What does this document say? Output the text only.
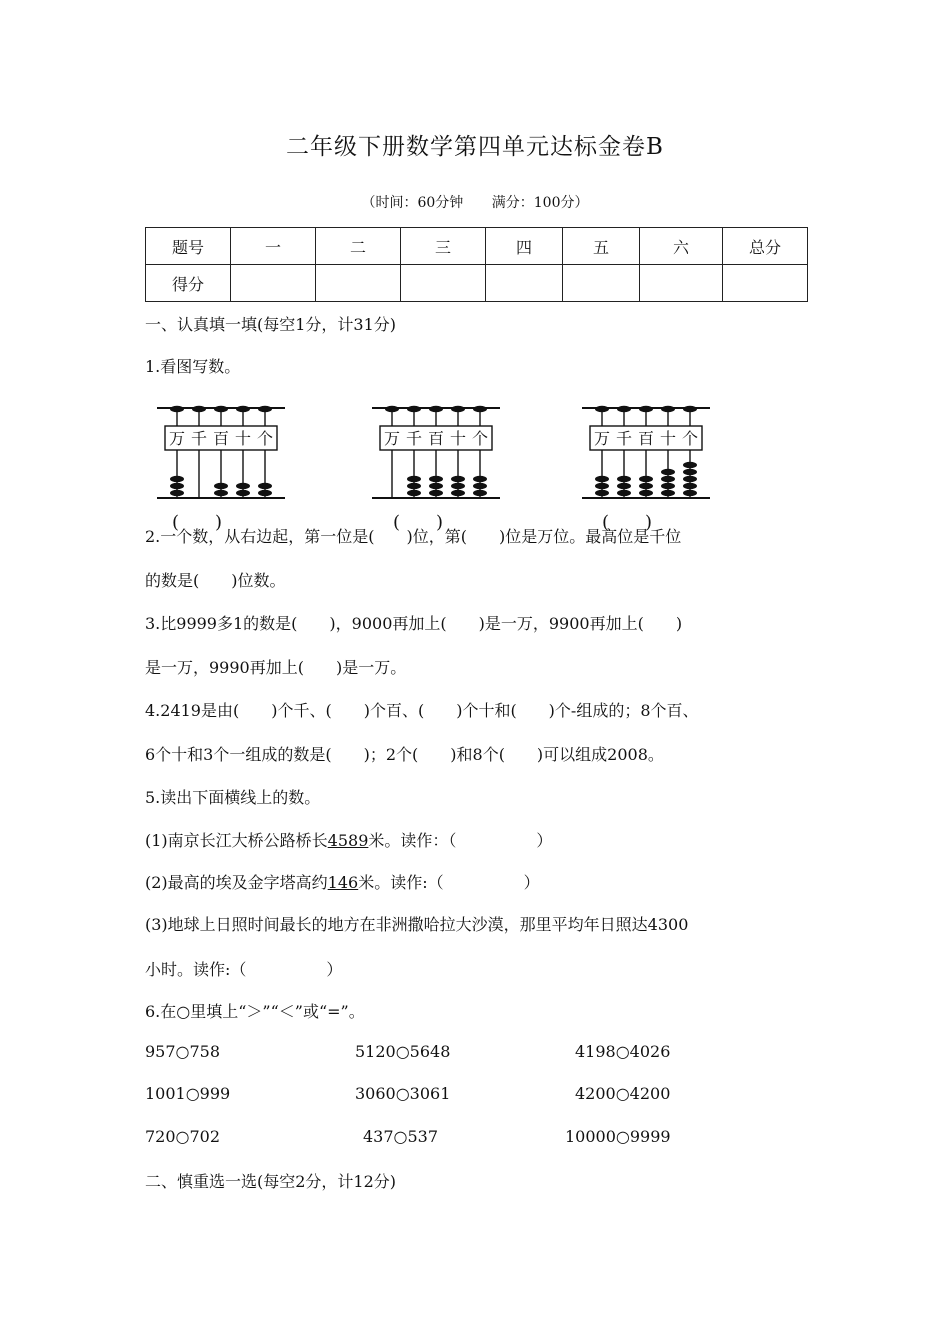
二年级下册数学第四单元达标金卷B
（时间：60分钟 满分：100分）
题号	一	二	三	四	五	六	总分
得分							
一、认真填一填(每空1分，计31分)
1.看图写数。
万 千 百 十 个	万 千 百 十 个	万 千 百 十 个
(　　)	(　　)	(　　)
2.一个数，从右边起，第一位是(　　)位，第(　　)位是万位。最高位是千位
的数是(　　)位数。
3.比9999多1的数是(　　)，9000再加上(　　)是一万，9900再加上(　　)
是一万，9990再加上(　　)是一万。
4.2419是由(　　)个千、(　　)个百、(　　)个十和(　　)个-组成的；8个百、
6个十和3个一组成的数是(　　)；2个(　　)和8个(　　)可以组成2008。
5.读出下面横线上的数。
(1)南京长江大桥公路桥长4589米。读作：（　　　　　）
(2)最高的埃及金字塔高约146米。读作:（　　　　　）
(3)地球上日照时间最长的地方在非洲撒哈拉大沙漠，那里平均年日照达4300
小时。读作:（　　　　　）
6.在○里填上“＞”“＜”或“=”。
957○758	5120○5648	4198○4026
1001○999	3060○3061	4200○4200
720○702	437○537	10000○9999
二、慎重选一选(每空2分，计12分)
